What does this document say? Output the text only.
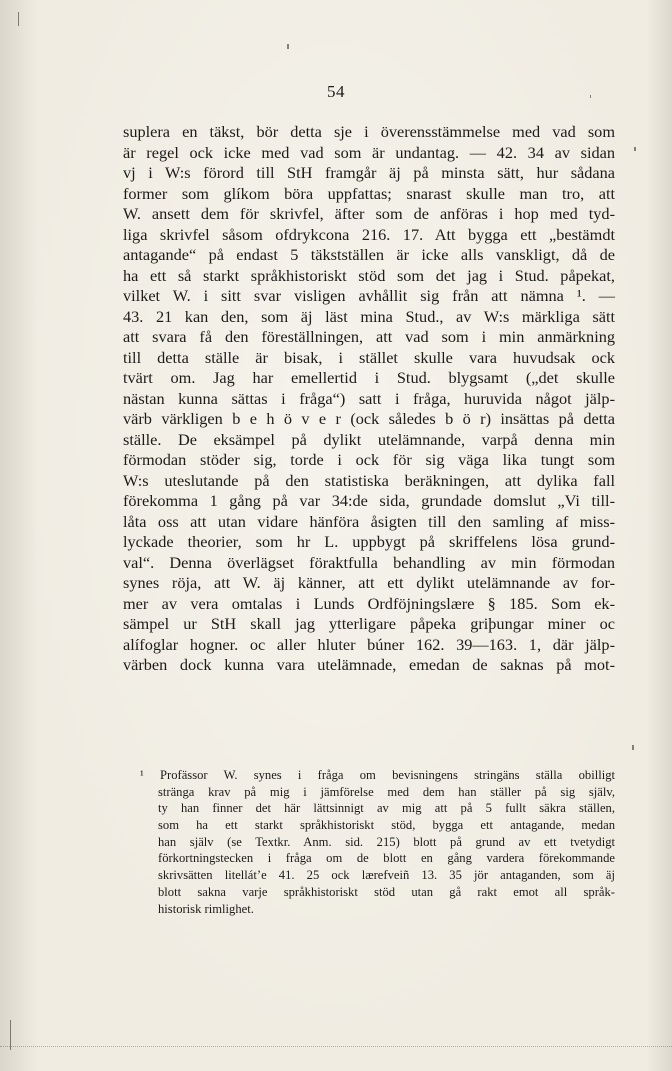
54
suplera en täkst, bör detta sje i överensstämmelse med vad som
är regel ock icke med vad som är undantag. — 42. 34 av sidan
vj i W:s förord till StH framgår äj på minsta sätt, hur sådana
former som glíkom böra uppfattas; snarast skulle man tro, att
W. ansett dem för skrivfel, äfter som de anföras i hop med tyd-
liga skrivfel såsom ofdrykcona 216. 17. Att bygga ett „bestämdt
antagande“ på endast 5 täkstställen är icke alls vanskligt, då de
ha ett så starkt språkhistoriskt stöd som det jag i Stud. påpekat,
vilket W. i sitt svar visligen avhållit sig från att nämna ¹. —
43. 21 kan den, som äj läst mina Stud., av W:s märkliga sätt
att svara få den föreställningen, att vad som i min anmärkning
till detta ställe är bisak, i stället skulle vara huvudsak ock
tvärt om. Jag har emellertid i Stud. blygsamt („det skulle
nästan kunna sättas i fråga“) satt i fråga, huruvida något jälp-
värb värkligen b e h ö v e r (ock således b ö r) insättas på detta
ställe. De eksämpel på dylikt utelämnande, varpå denna min
förmodan stöder sig, torde i ock för sig väga lika tungt som
W:s uteslutande på den statistiska beräkningen, att dylika fall
förekomma 1 gång på var 34:de sida, grundade domslut „Vi till-
låta oss att utan vidare hänföra åsigten till den samling af miss-
lyckade theorier, som hr L. uppbygt på skriffelens lösa grund-
val“. Denna överlägset föraktfulla behandling av min förmodan
synes röja, att W. äj känner, att ett dylikt utelämnande av for-
mer av vera omtalas i Lunds Ordföjningslære § 185. Som ek-
sämpel ur StH skall jag ytterligare påpeka griþungar miner oc
alífoglar hogner. oc aller hluter búner 162. 39—163. 1, där jälp-
värben dock kunna vara utelämnade, emedan de saknas på mot-
¹ Profässor W. synes i fråga om bevisningens stringäns ställa obilligt
stränga krav på mig i jämförelse med dem han ställer på sig själv,
ty han finner det här lättsinnigt av mig att på 5 fullt säkra ställen,
som ha ett starkt språkhistoriskt stöd, bygga ett antagande, medan
han själv (se Textkr. Anm. sid. 215) blott på grund av ett tvetydigt
förkortningstecken i fråga om de blott en gång vardera förekommande
skrivsätten litellát’e 41. 25 ock lærefveiñ 13. 35 jör antaganden, som äj
blott sakna varje språkhistoriskt stöd utan gå rakt emot all språk-
historisk rimlighet.
